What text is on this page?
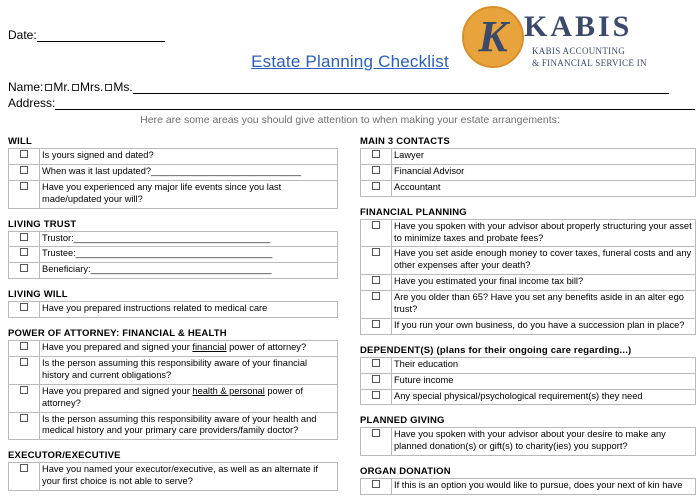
Date:
Estate Planning Checklist
K KABIS
KABIS ACCOUNTING
& FINANCIAL SERVICE IN
Name: Mr. Mrs. Ms.
Address:
Here are some areas you should give attention to when making your estate arrangements:
WILL
	Is yours signed and dated?
	When was it last updated?_____________________________
	Have you experienced any major life events since you last made/updated your will?
LIVING TRUST
	Trustor:______________________________________
	Trustee:______________________________________
	Beneficiary:___________________________________
LIVING WILL
	Have you prepared instructions related to medical care
POWER OF ATTORNEY: FINANCIAL & HEALTH
	Have you prepared and signed your financial power of attorney?
	Is the person assuming this responsibility aware of your financial history and current obligations?
	Have you prepared and signed your health & personal power of attorney?
	Is the person assuming this responsibility aware of your health and medical history and your primary care providers/family doctor?
EXECUTOR/EXECUTIVE
	Have you named your executor/executive, as well as an alternate if your first choice is not able to serve?
MAIN 3 CONTACTS
	Lawyer
	Financial Advisor
	Accountant
FINANCIAL PLANNING
	Have you spoken with your advisor about properly structuring your asset to minimize taxes and probate fees?
	Have you set aside enough money to cover taxes, funeral costs and any other expenses after your death?
	Have you estimated your final income tax bill?
	Are you older than 65? Have you set any benefits aside in an alter ego trust?
	If you run your own business, do you have a succession plan in place?
DEPENDENT(S) (plans for their ongoing care regarding...)
	Their education
	Future income
	Any special physical/psychological requirement(s) they need
PLANNED GIVING
	Have you spoken with your advisor about your desire to make any planned donation(s) or gift(s) to charity(ies) you support?
ORGAN DONATION
	If this is an option you would like to pursue, does your next of kin have
